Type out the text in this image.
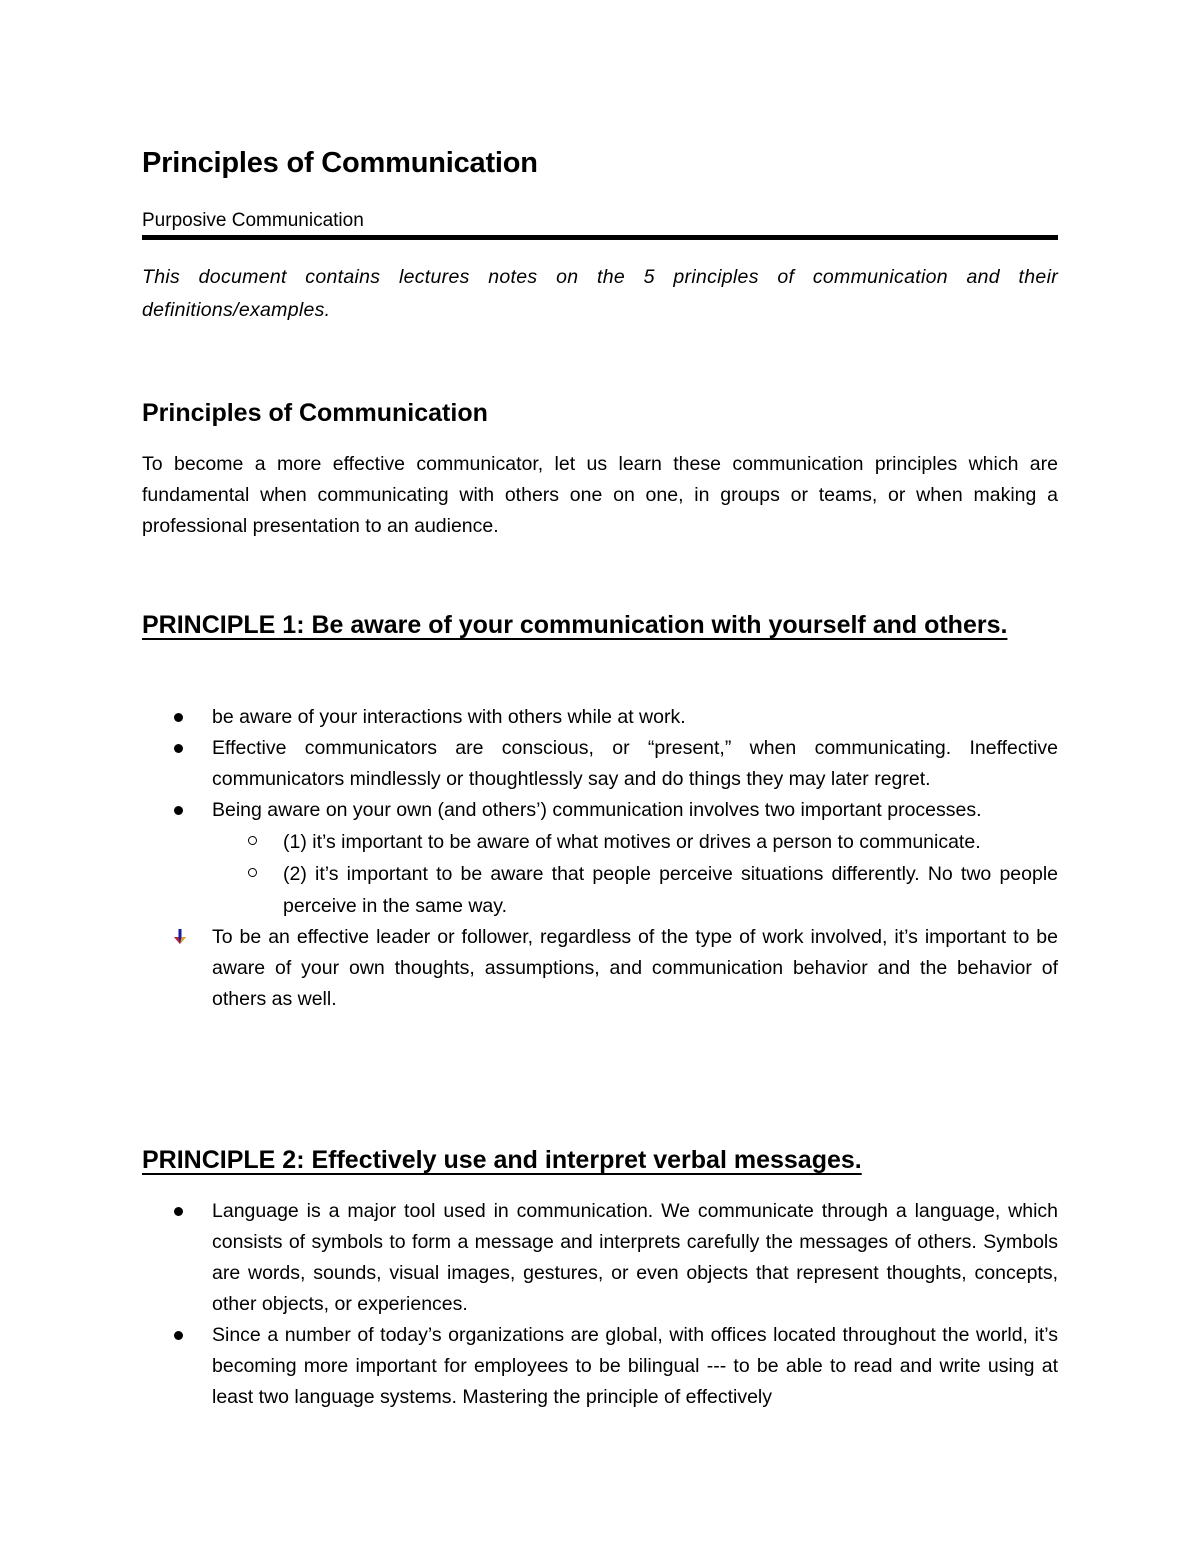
Principles of Communication

Purposive Communication

This document contains lectures notes on the 5 principles of communication and their definitions/examples.

Principles of Communication

To become a more effective communicator, let us learn these communication principles which are fundamental when communicating with others one on one, in groups or teams, or when making a professional presentation to an audience.

PRINCIPLE 1: Be aware of your communication with yourself and others.
be aware of your interactions with others while at work.
Effective communicators are conscious, or “present,” when communicating. Ineffective communicators mindlessly or thoughtlessly say and do things they may later regret.
Being aware on your own (and others’) communication involves two important processes.
(1) it’s important to be aware of what motives or drives a person to communicate.
(2) it’s important to be aware that people perceive situations differently. No two people perceive in the same way.
To be an effective leader or follower, regardless of the type of work involved, it’s important to be aware of your own thoughts, assumptions, and communication behavior and the behavior of others as well.
PRINCIPLE 2: Effectively use and interpret verbal messages.
Language is a major tool used in communication. We communicate through a language, which consists of symbols to form a message and interprets carefully the messages of others. Symbols are words, sounds, visual images, gestures, or even objects that represent thoughts, concepts, other objects, or experiences.
Since a number of today’s organizations are global, with offices located throughout the world, it’s becoming more important for employees to be bilingual --- to be able to read and write using at least two language systems. Mastering the principle of effectively
